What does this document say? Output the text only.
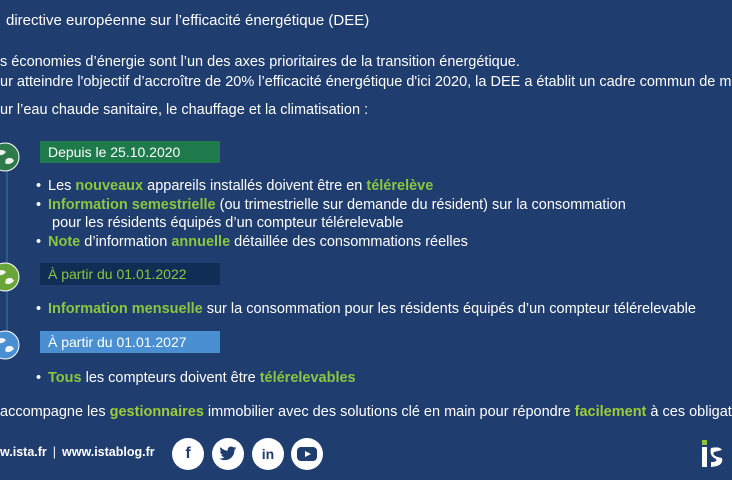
directive européenne sur l’efficacité énergétique (DEE)
s économies d’énergie sont l’un des axes prioritaires de la transition énergétique.
ur atteindre l'objectif d’accroître de 20% l’efficacité énergétique d'ici 2020, la DEE a établit un cadre commun de m
ur l’eau chaude sanitaire, le chauffage et la climatisation :
Depuis le 25.10.2020
• Les nouveaux appareils installés doivent être en télérelève
• Information semestrielle (ou trimestrielle sur demande du résident) sur la consommation
pour les résidents équipés d’un compteur télérelevable
• Note d’information annuelle détaillée des consommations réelles
À partir du 01.01.2022
• Information mensuelle sur la consommation pour les résidents équipés d’un compteur télérelevable
À partir du 01.01.2027
• Tous les compteurs doivent être télérelevables
accompagne les gestionnaires immobilier avec des solutions clé en main pour répondre facilement à ces obligat
w.ista.fr | www.istablog.fr f	in
